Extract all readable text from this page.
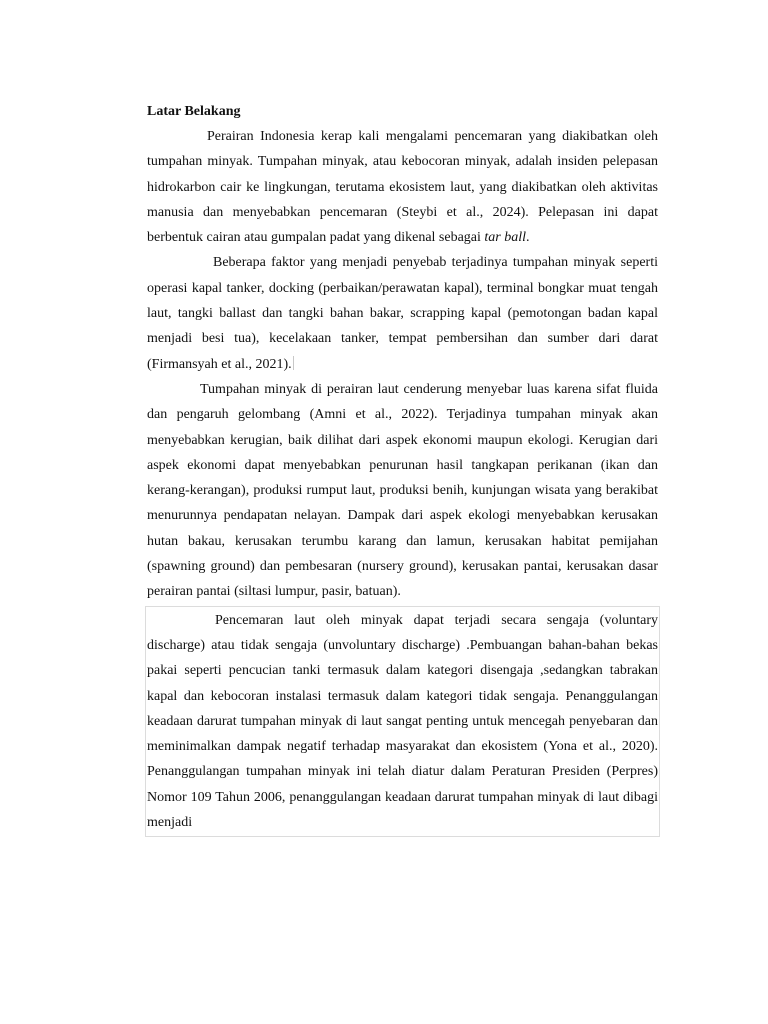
Latar Belakang

Perairan Indonesia kerap kali mengalami pencemaran yang diakibatkan oleh tumpahan minyak. Tumpahan minyak, atau kebocoran minyak, adalah insiden pelepasan hidrokarbon cair ke lingkungan, terutama ekosistem laut, yang diakibatkan oleh aktivitas manusia dan menyebabkan pencemaran (Steybi et al., 2024). Pelepasan ini dapat berbentuk cairan atau gumpalan padat yang dikenal sebagai tar ball.

Beberapa faktor yang menjadi penyebab terjadinya tumpahan minyak seperti operasi kapal tanker, docking (perbaikan/perawatan kapal), terminal bongkar muat tengah laut, tangki ballast dan tangki bahan bakar, scrapping kapal (pemotongan badan kapal menjadi besi tua), kecelakaan tanker, tempat pembersihan dan sumber dari darat (Firmansyah et al., 2021).

Tumpahan minyak di perairan laut cenderung menyebar luas karena sifat fluida dan pengaruh gelombang (Amni et al., 2022). Terjadinya tumpahan minyak akan menyebabkan kerugian, baik dilihat dari aspek ekonomi maupun ekologi. Kerugian dari aspek ekonomi dapat menyebabkan penurunan hasil tangkapan perikanan (ikan dan kerang-kerangan), produksi rumput laut, produksi benih, kunjungan wisata yang berakibat menurunnya pendapatan nelayan. Dampak dari aspek ekologi menyebabkan kerusakan hutan bakau, kerusakan terumbu karang dan lamun, kerusakan habitat pemijahan (spawning ground) dan pembesaran (nursery ground), kerusakan pantai, kerusakan dasar perairan pantai (siltasi lumpur, pasir, batuan).

Pencemaran laut oleh minyak dapat terjadi secara sengaja (voluntary discharge) atau tidak sengaja (unvoluntary discharge) .Pembuangan bahan-bahan bekas pakai seperti pencucian tanki termasuk dalam kategori disengaja ,sedangkan tabrakan kapal dan kebocoran instalasi termasuk dalam kategori tidak sengaja. Penanggulangan keadaan darurat tumpahan minyak di laut sangat penting untuk mencegah penyebaran dan meminimalkan dampak negatif terhadap masyarakat dan ekosistem (Yona et al., 2020). Penanggulangan tumpahan minyak ini telah diatur dalam Peraturan Presiden (Perpres) Nomor 109 Tahun 2006, penanggulangan keadaan darurat tumpahan minyak di laut dibagi menjadi
